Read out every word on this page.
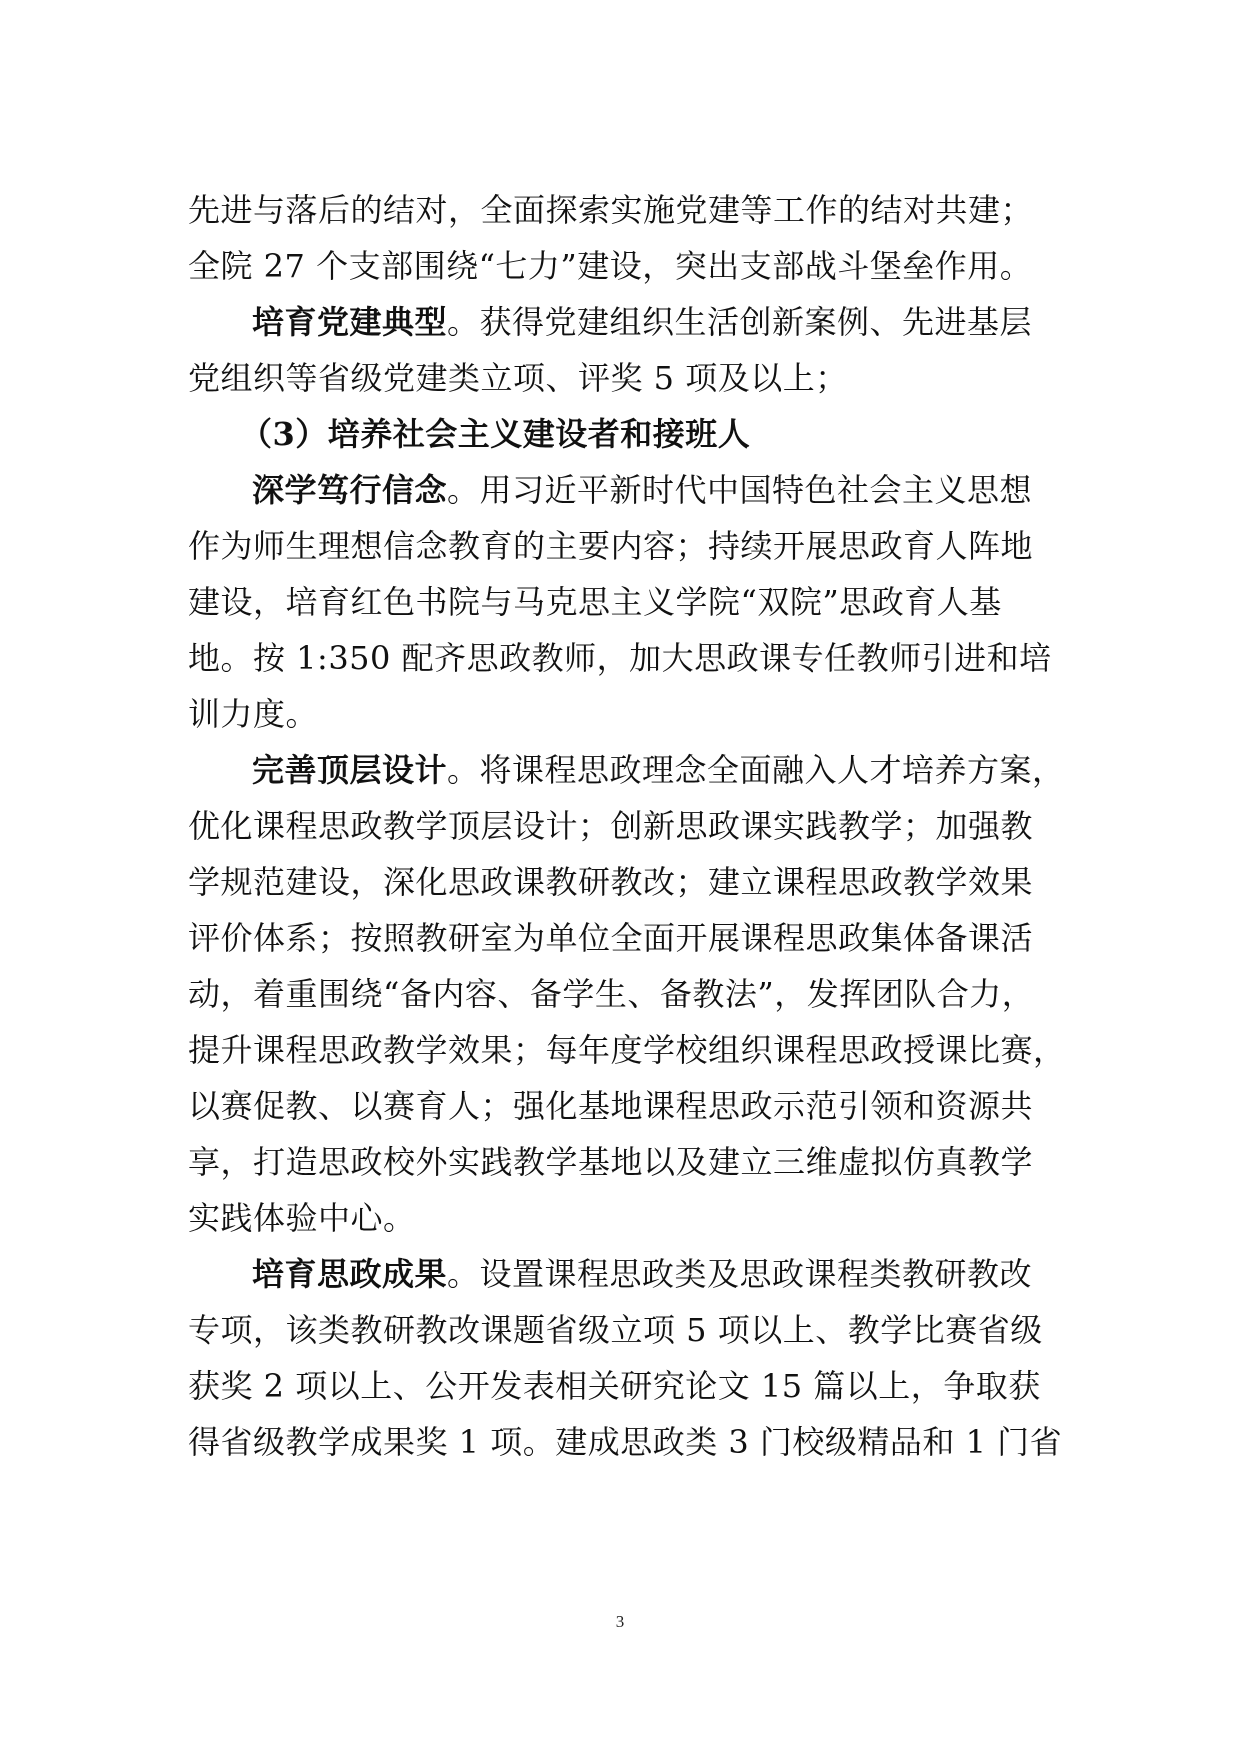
先进与落后的结对，全面探索实施党建等工作的结对共建；

全院 27 个支部围绕“七力”建设，突出支部战斗堡垒作用。

培育党建典型。获得党建组织生活创新案例、先进基层

党组织等省级党建类立项、评奖 5 项及以上；

（3）培养社会主义建设者和接班人

深学笃行信念。用习近平新时代中国特色社会主义思想

作为师生理想信念教育的主要内容；持续开展思政育人阵地

建设，培育红色书院与马克思主义学院“双院”思政育人基

地。按 1:350 配齐思政教师，加大思政课专任教师引进和培

训力度。

完善顶层设计。将课程思政理念全面融入人才培养方案，

优化课程思政教学顶层设计；创新思政课实践教学；加强教

学规范建设，深化思政课教研教改；建立课程思政教学效果

评价体系；按照教研室为单位全面开展课程思政集体备课活

动，着重围绕“备内容、备学生、备教法”，发挥团队合力，

提升课程思政教学效果；每年度学校组织课程思政授课比赛，

以赛促教、以赛育人；强化基地课程思政示范引领和资源共

享，打造思政校外实践教学基地以及建立三维虚拟仿真教学

实践体验中心。

培育思政成果。设置课程思政类及思政课程类教研教改

专项，该类教研教改课题省级立项 5 项以上、教学比赛省级

获奖 2 项以上、公开发表相关研究论文 15 篇以上，争取获

得省级教学成果奖 1 项。建成思政类 3 门校级精品和 1 门省

3
